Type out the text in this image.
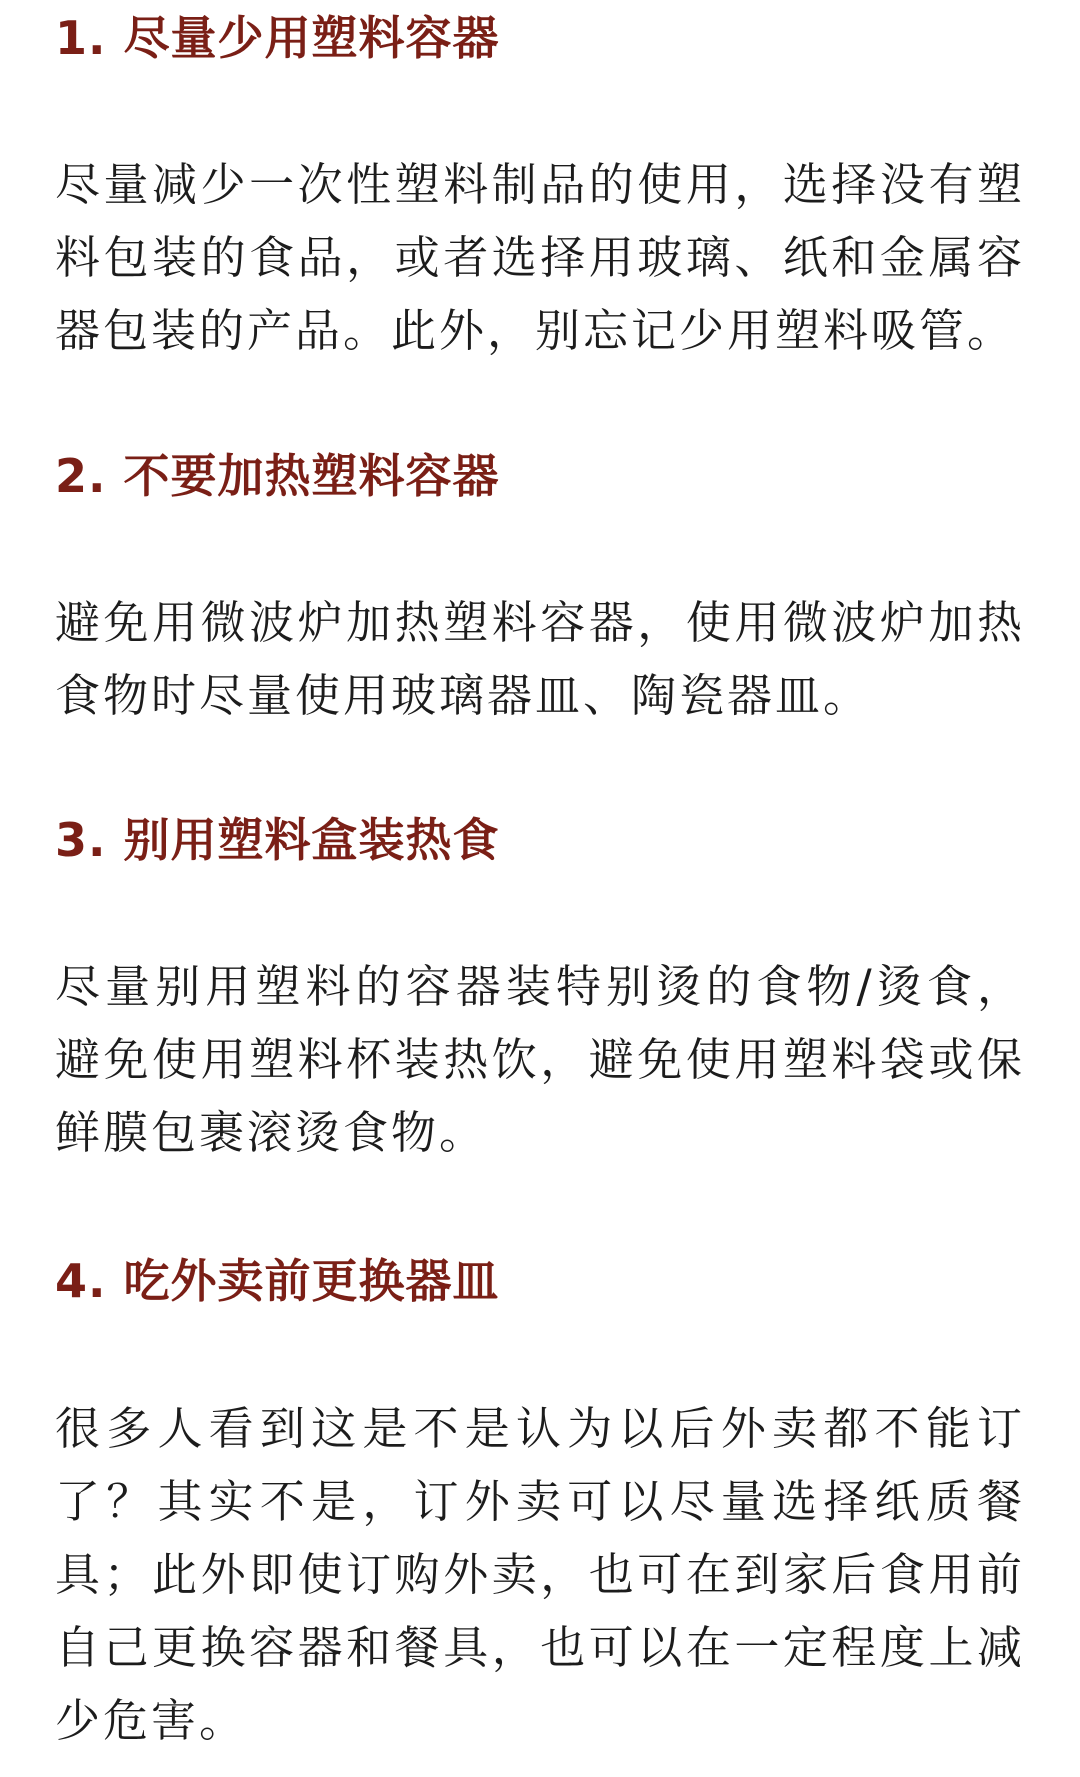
1. 尽量少用塑料容器

尽量减少一次性塑料制品的使用，选择没有塑料包装的食品，或者选择用玻璃、纸和金属容器包装的产品。此外，别忘记少用塑料吸管。

2. 不要加热塑料容器

避免用微波炉加热塑料容器，使用微波炉加热食物时尽量使用玻璃器皿、陶瓷器皿。

3. 别用塑料盒装热食

尽量别用塑料的容器装特别烫的食物/烫食，避免使用塑料杯装热饮，避免使用塑料袋或保鲜膜包裹滚烫食物。

4. 吃外卖前更换器皿

很多人看到这是不是认为以后外卖都不能订了？其实不是，订外卖可以尽量选择纸质餐具；此外即使订购外卖，也可在到家后食用前自己更换容器和餐具，也可以在一定程度上减少危害。
